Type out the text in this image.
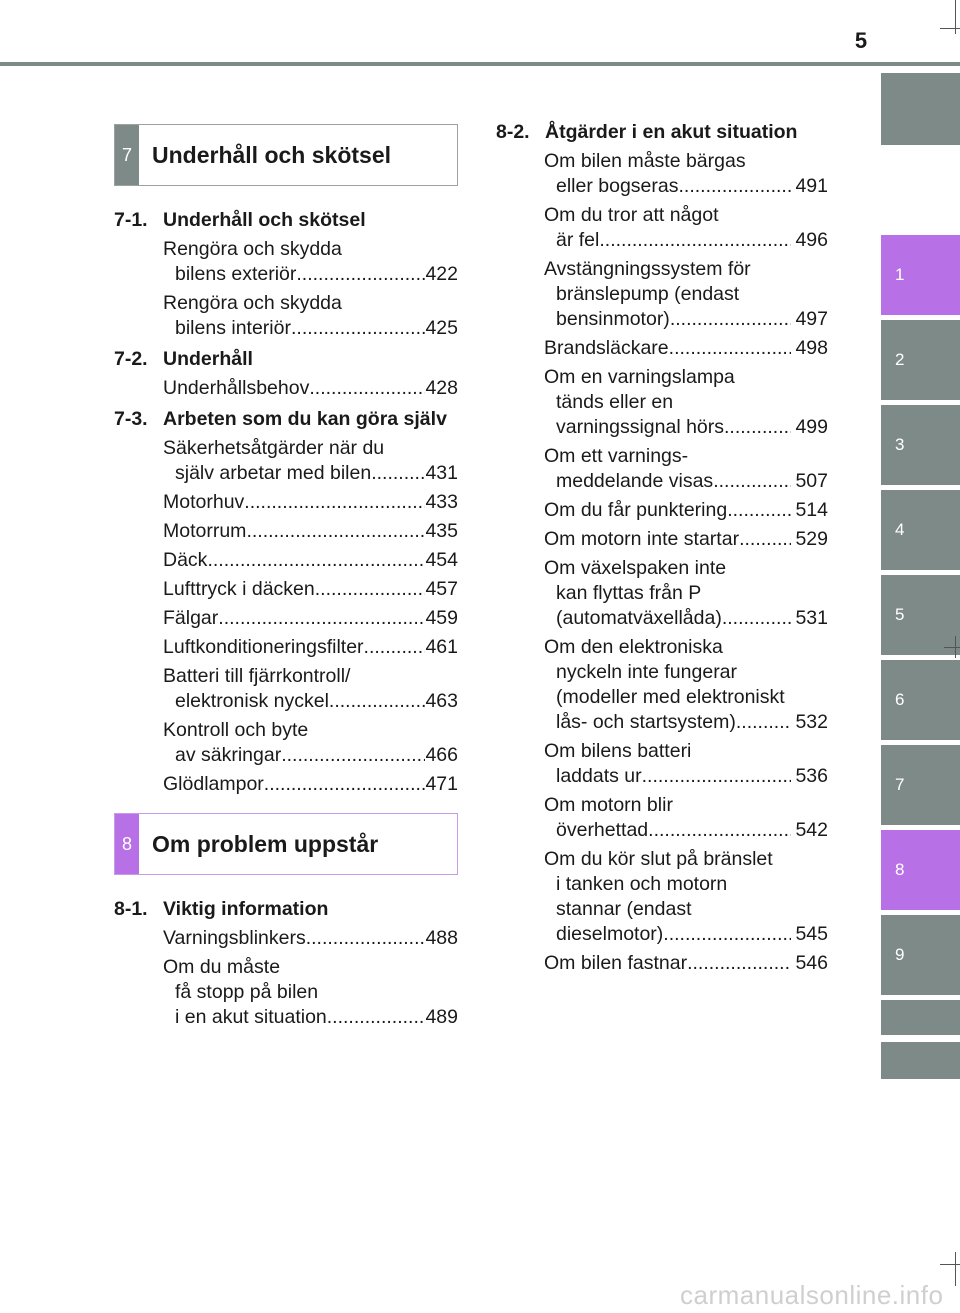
5
1
2
3
4
5
6
7
8
9
7 Underhåll och skötsel
7-1. Underhåll och skötsel
Rengöra och skydda
bilens exteriör .....	422
Rengöra och skydda
bilens interiör .....	425
7-2. Underhåll
Underhållsbehov .....	428
7-3. Arbeten som du kan göra själv
Säkerhetsåtgärder när du
själv arbetar med bilen .....	431
Motorhuv .....	433
Motorrum .....	435
Däck .....	454
Lufttryck i däcken .....	457
Fälgar .....	459
Luftkonditioneringsfilter .....	461
Batteri till fjärrkontroll/
elektronisk nyckel .....	463
Kontroll och byte
av säkringar .....	466
Glödlampor .....	471
8 Om problem uppstår
8-1. Viktig information
Varningsblinkers .....	488
Om du måste
få stopp på bilen
i en akut situation .....	489
8-2. Åtgärder i en akut situation
Om bilen måste bärgas
eller bogseras .....	491
Om du tror att något
är fel .....	496
Avstängningssystem för
bränslepump (endast
bensinmotor) .....	497
Brandsläckare .....	498
Om en varningslampa
tänds eller en
varningssignal hörs .....	499
Om ett varnings-
meddelande visas .....	507
Om du får punktering .....	514
Om motorn inte startar .....	529
Om växelspaken inte
kan flyttas från P
(automatväxellåda) .....	531
Om den elektroniska
nyckeln inte fungerar
(modeller med elektroniskt
lås- och startsystem) .....	532
Om bilens batteri
laddats ur .....	536
Om motorn blir
överhettad .....	542
Om du kör slut på bränslet
i tanken och motorn
stannar (endast
dieselmotor) .....	545
Om bilen fastnar .....	546
carmanualsonline.info
